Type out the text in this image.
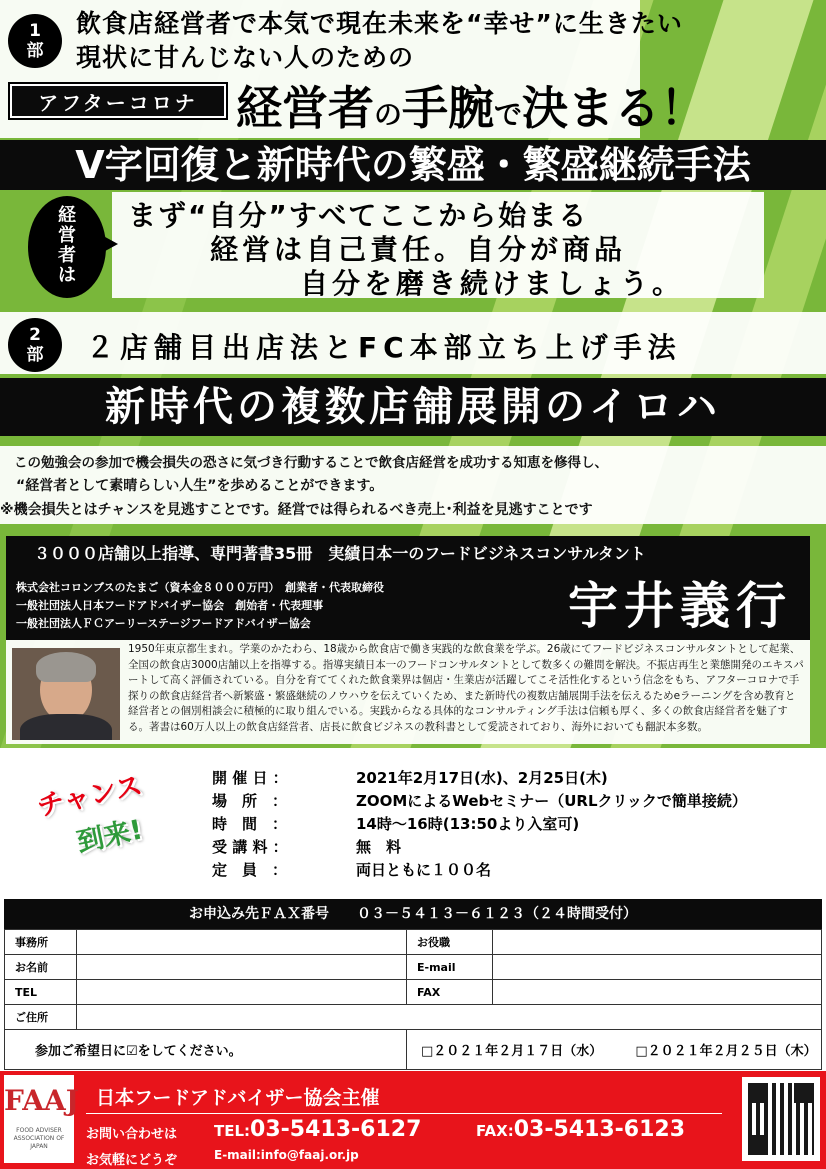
1
部
飲食店経営者で本気で現在未来を“幸せ”に生きたい
現状に甘んじない人のための
アフターコロナ 経営者の手腕で決まる！
V字回復と新時代の繁盛・繁盛継続手法
経
営
者
は
まず“自分”すべてここから始まる
経営は自己責任。自分が商品
自分を磨き続けましょう。
2
部	２店舗目出店法とFC本部立ち上げ手法
新時代の複数店舗展開のイロハ
この勉強会の参加で機会損失の恐さに気づき行動することで飲食店経営を成功する知恵を修得し、
“経営者として素晴らしい人生”を歩めることができます。
※機会損失とはチャンスを見逃すことです。経営では得られるべき売上･利益を見逃すことです
３０００店舗以上指導、専門著書35冊　実績日本一のフードビジネスコンサルタント
株式会社コロンブスのたまご（資本金８０００万円）　創業者・代表取締役
一般社団法人日本フードアドバイザー協会　創始者・代表理事
一般社団法人ＦＣアーリーステージフードアドバイザー協会	宇井義行
1950年東京都生まれ。学業のかたわら、18歳から飲食店で働き実践的な飲食業を学ぶ。26歳にてフードビジネスコンサルタントとして起業、全国の飲食店3000店舗以上を指導する。指導実績日本一のフードコンサルタントとして数多くの難問を解決。不振店再生と業態開発のエキスパートして高く評価されている。自分を育ててくれた飲食業界は個店・生業店が活躍してこそ活性化するという信念をもち、アフターコロナで手探りの飲食店経営者へ新繁盛・繁盛継続のノウハウを伝えていくため、また新時代の複数店舗展開手法を伝えるためeラーニングを含め教育と経営者との個別相談会に積極的に取り組んでいる。実践からなる具体的なコンサルティング手法は信頼も厚く、多くの飲食店経営者を魅了する。著書は60万人以上の飲食店経営者、店長に飲食ビジネスの教科書として愛読されており、海外においても翻訳本多数。
チャンス
到来!
開 催 日 ：	2021年2月17日(水)、2月25日(木)
場　所　：	ZOOMによるWebセミナー（URLクリックで簡単接続）
時　間　：	14時～16時(13:50より入室可)
受 講 料 ：	無　料
定　員　：	両日ともに１００名
お申込み先ＦＡＸ番号　　０３－５４１３－６１２３（２４時間受付）
事務所		お役職	
お名前		E-mail	
TEL		FAX	
ご住所			
参加ご希望日に☑をしてください。		□２０２１年２月１７日（水） □２０２１年２月２５日（木）	
FAAJ
FOOD ADVISER ASSOCIATION OF JAPAN
日本フードアドバイザー協会主催
お問い合わせは
お気軽にどうぞ
TEL:03-5413-6127	FAX:03-5413-6123
E-mail:info@faaj.or.jp
